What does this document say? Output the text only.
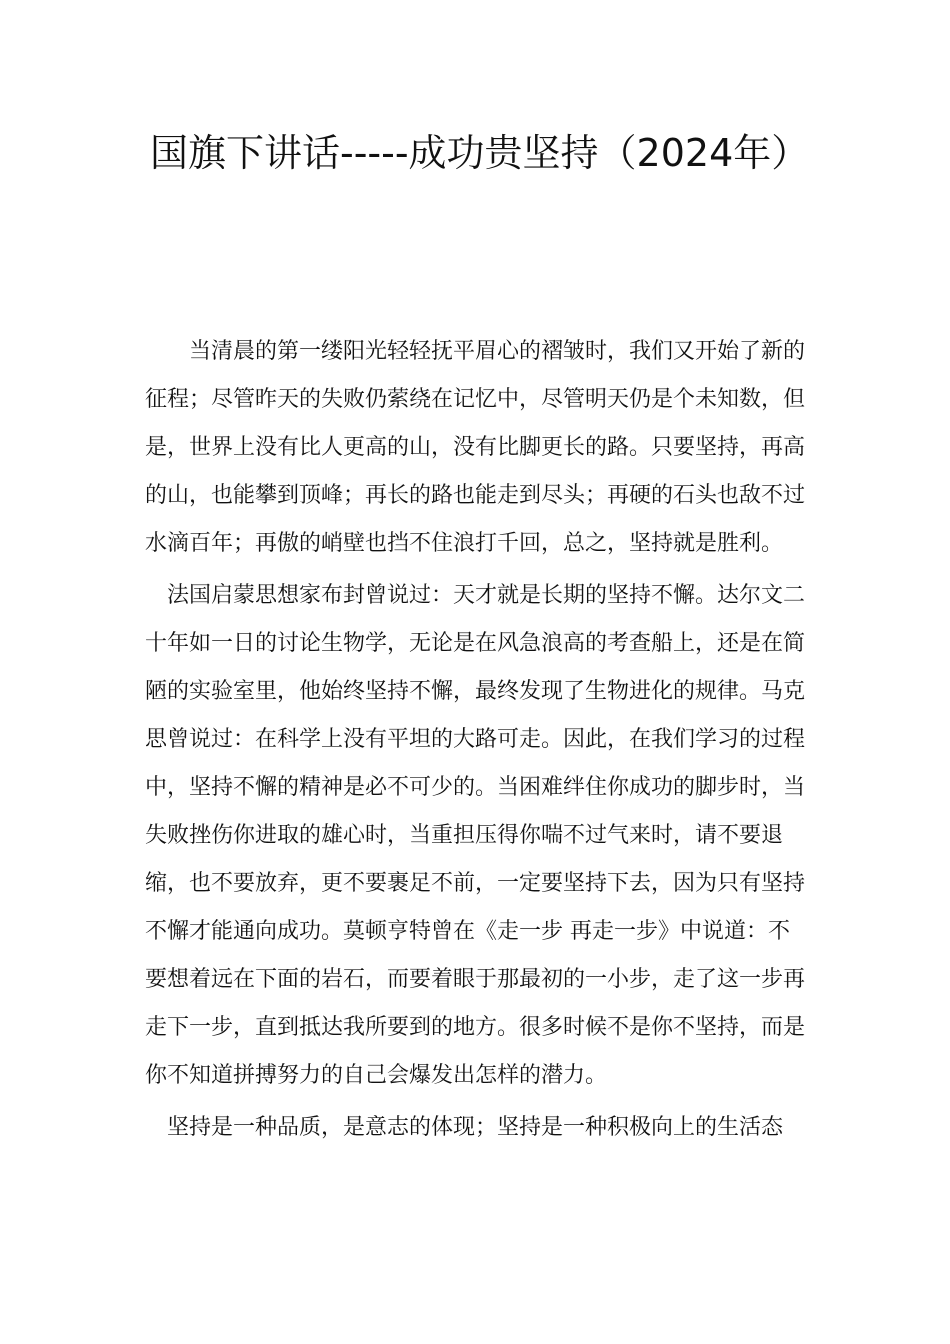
国旗下讲话-----成功贵坚持（2024年）

当清晨的第一缕阳光轻轻抚平眉心的褶皱时，我们又开始了新的征程；尽管昨天的失败仍萦绕在记忆中，尽管明天仍是个未知数，但是，世界上没有比人更高的山，没有比脚更长的路。只要坚持，再高的山，也能攀到顶峰；再长的路也能走到尽头；再硬的石头也敌不过水滴百年；再傲的峭壁也挡不住浪打千回，总之，坚持就是胜利。

法国启蒙思想家布封曾说过：天才就是长期的坚持不懈。达尔文二十年如一日的讨论生物学，无论是在风急浪高的考查船上，还是在简陋的实验室里，他始终坚持不懈，最终发现了生物进化的规律。马克思曾说过：在科学上没有平坦的大路可走。因此，在我们学习的过程中，坚持不懈的精神是必不可少的。当困难绊住你成功的脚步时，当失败挫伤你进取的雄心时，当重担压得你喘不过气来时，请不要退缩，也不要放弃，更不要裹足不前，一定要坚持下去，因为只有坚持不懈才能通向成功。莫顿亨特曾在《走一步 再走一步》中说道：不要想着远在下面的岩石，而要着眼于那最初的一小步，走了这一步再走下一步，直到抵达我所要到的地方。很多时候不是你不坚持，而是你不知道拼搏努力的自己会爆发出怎样的潜力。

坚持是一种品质，是意志的体现；坚持是一种积极向上的生活态
